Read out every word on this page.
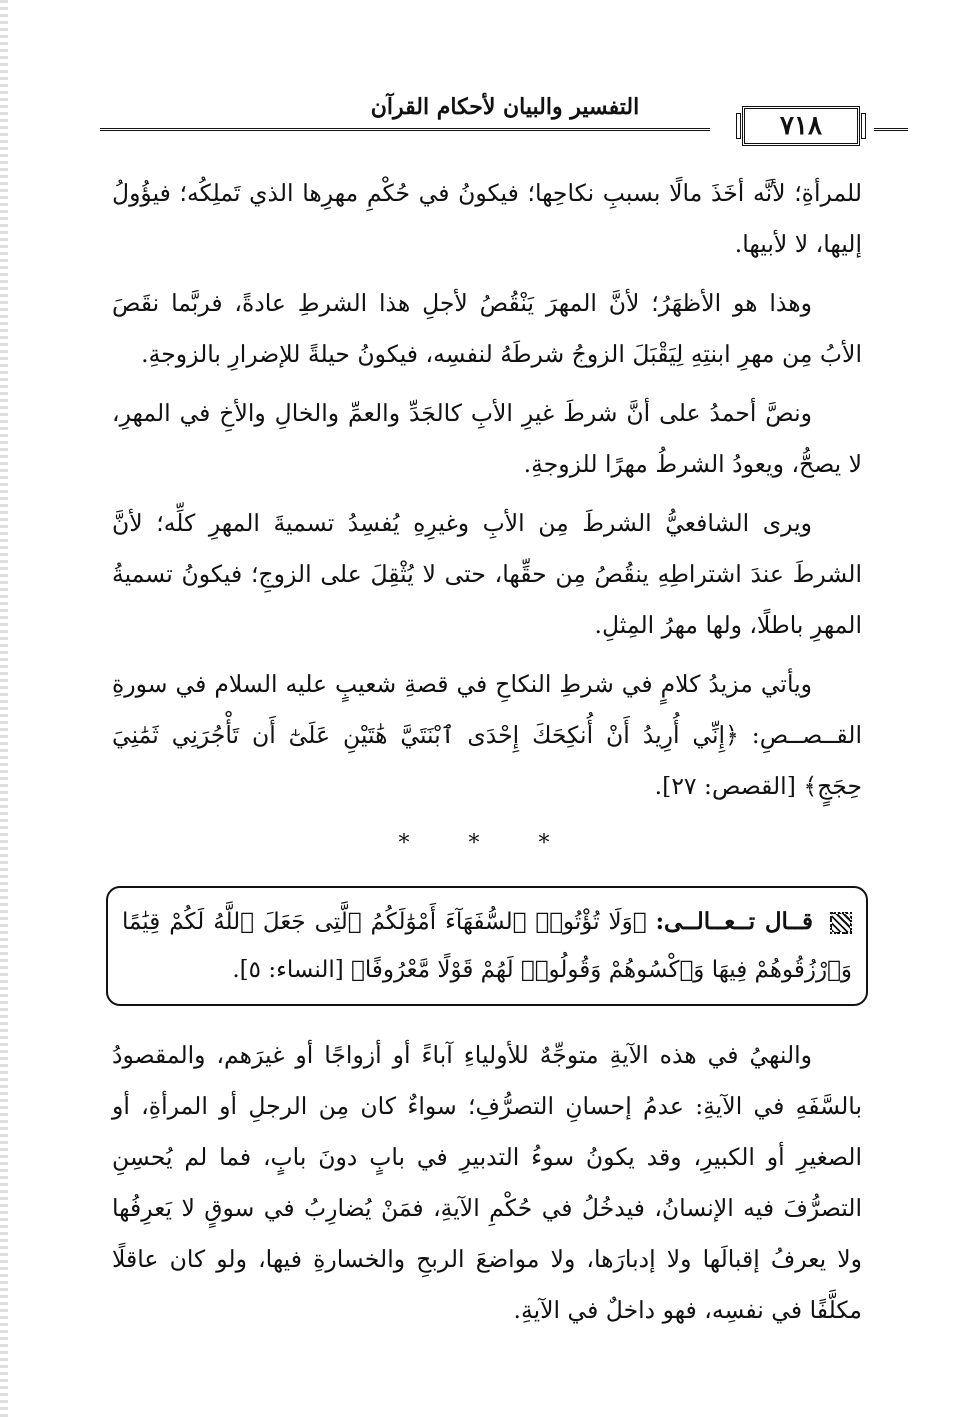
٧١٨
التفسير والبيان لأحكام القرآن

للمرأةِ؛ لأنَّه أخَذَ مالًا بسببِ نكاحِها؛ فيكونُ في حُكْمِ مهرِها الذي تَملِكُه؛ فيؤُولُ إليها، لا لأبيها.

وهذا هو الأظهَرُ؛ لأنَّ المهرَ يَنْقُصُ لأجلِ هذا الشرطِ عادةً، فربَّما نقَصَ الأبُ مِن مهرِ ابنتِهِ لِيَقْبَلَ الزوجُ شرطَهُ لنفسِه، فيكونُ حيلةً للإضرارِ بالزوجةِ.

ونصَّ أحمدُ على أنَّ شرطَ غيرِ الأبِ كالجَدِّ والعمِّ والخالِ والأخِ في المهرِ، لا يصحُّ، ويعودُ الشرطُ مهرًا للزوجةِ.

ويرى الشافعيُّ الشرطَ مِن الأبِ وغيرِهِ يُفسِدُ تسميةَ المهرِ كلِّه؛ لأنَّ الشرطَ عندَ اشتراطِهِ ينقُصُ مِن حقِّها، حتى لا يُثْقِلَ على الزوجِ؛ فيكونُ تسميةُ المهرِ باطلًا، ولها مهرُ المِثلِ.

ويأتي مزيدُ كلامٍ في شرطِ النكاحِ في قصةِ شعيبٍ عليه السلام في سورةِ القــصــصِ: ﴿إِنِّي أُرِيدُ أَنْ أُنكِحَكَ إِحْدَى ٱبْنَتَيَّ هَٰتَيْنِ عَلَىٰٓ أَن تَأْجُرَنِي ثَمَٰنِيَ حِجَجٍ﴾ [القصص: ٢٧].

* * *
قــال تــعــالــى: ﴿وَلَا تُؤْتُوا۟ ٱلسُّفَهَآءَ أَمْوَٰلَكُمُ ٱلَّتِى جَعَلَ ٱللَّهُ لَكُمْ قِيَٰمًا وَٱرْزُقُوهُمْ فِيهَا وَٱكْسُوهُمْ وَقُولُوا۟ لَهُمْ قَوْلًا مَّعْرُوفًا﴾ [النساء: ٥].

والنهيُ في هذه الآيةِ متوجِّهٌ للأولياءِ آباءً أو أزواجًا أو غيرَهم، والمقصودُ بالسَّفَهِ في الآيةِ: عدمُ إحسانِ التصرُّفِ؛ سواءٌ كان مِن الرجلِ أو المرأةِ، أو الصغيرِ أو الكبيرِ، وقد يكونُ سوءُ التدبيرِ في بابٍ دونَ بابٍ، فما لم يُحسِنِ التصرُّفَ فيه الإنسانُ، فيدخُلُ في حُكْمِ الآيةِ، فمَنْ يُضارِبُ في سوقٍ لا يَعرِفُها ولا يعرفُ إقبالَها ولا إدبارَها، ولا مواضعَ الربحِ والخسارةِ فيها، ولو كان عاقلًا مكلَّفًا في نفسِه، فهو داخلٌ في الآيةِ.
